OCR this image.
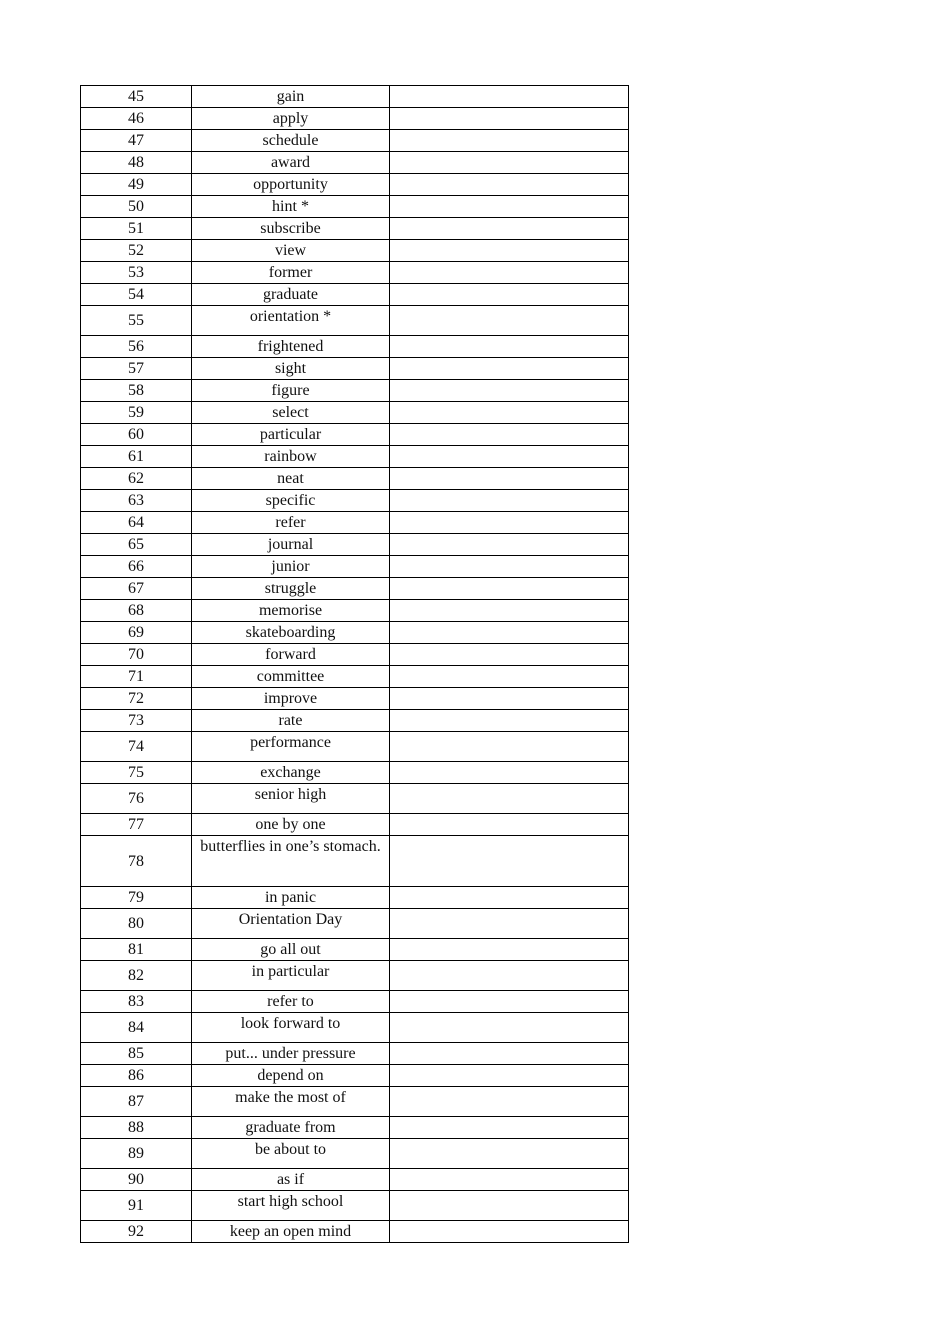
45	gain	
46	apply	
47	schedule	
48	award	
49	opportunity	
50	hint *	
51	subscribe	
52	view	
53	former	
54	graduate	
55	orientation *	
56	frightened	
57	sight	
58	figure	
59	select	
60	particular	
61	rainbow	
62	neat	
63	specific	
64	refer	
65	journal	
66	junior	
67	struggle	
68	memorise	
69	skateboarding	
70	forward	
71	committee	
72	improve	
73	rate	
74	performance	
75	exchange	
76	senior high	
77	one by one	
78	butterflies in one’s stomach.	
79	in panic	
80	Orientation Day	
81	go all out	
82	in particular	
83	refer to	
84	look forward to	
85	put... under pressure	
86	depend on	
87	make the most of	
88	graduate from	
89	be about to	
90	as if	
91	start high school	
92	keep an open mind	
